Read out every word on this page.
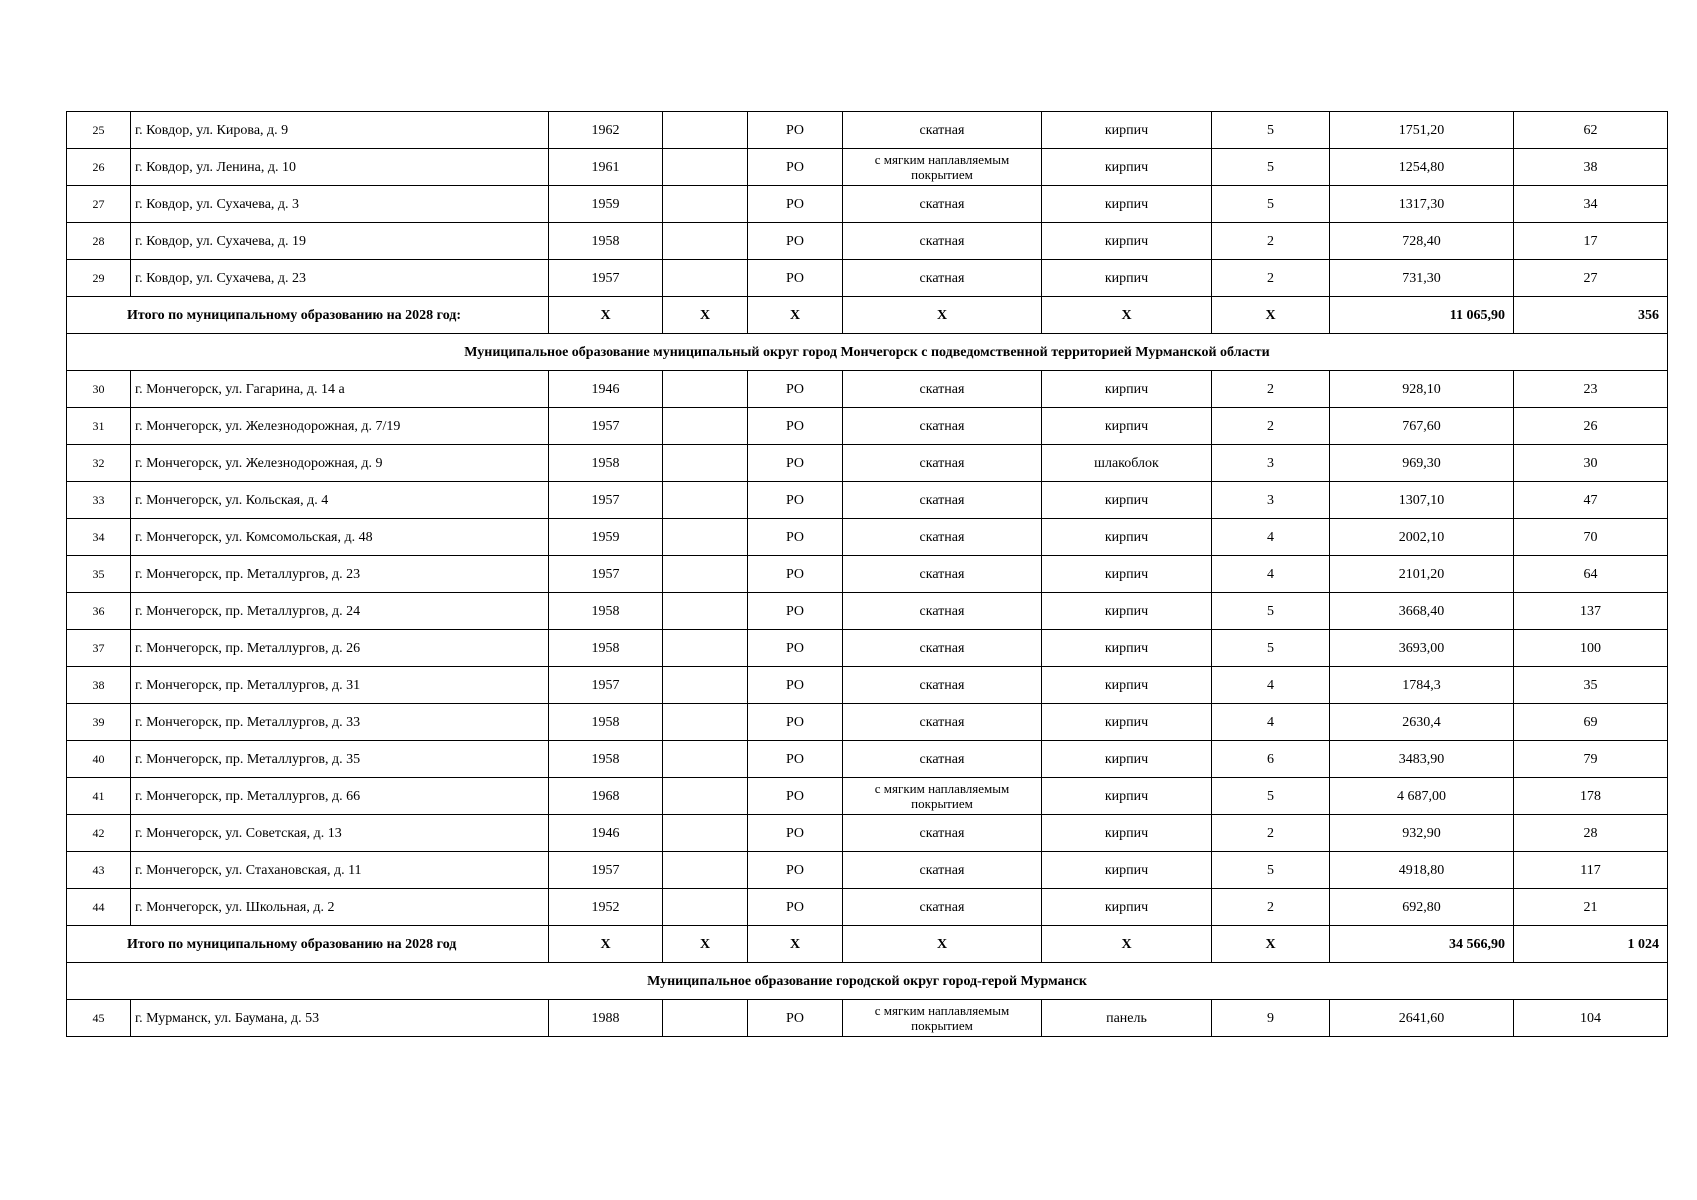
25	г. Ковдор, ул. Кирова, д. 9	1962		РО	скатная	кирпич	5	1751,20	62
26	г. Ковдор, ул. Ленина, д. 10	1961		РО	с мягким наплавляемым покрытием	кирпич	5	1254,80	38
27	г. Ковдор, ул. Сухачева, д. 3	1959		РО	скатная	кирпич	5	1317,30	34
28	г. Ковдор, ул. Сухачева, д. 19	1958		РО	скатная	кирпич	2	728,40	17
29	г. Ковдор, ул. Сухачева, д. 23	1957		РО	скатная	кирпич	2	731,30	27
Итого по муниципальному образованию на 2028 год:		X	X	X	X	X	X	11 065,90	356
Муниципальное образование муниципальный округ город Мончегорск с подведомственной территорией Мурманской области									
30	г. Мончегорск, ул. Гагарина, д. 14 а	1946		РО	скатная	кирпич	2	928,10	23
31	г. Мончегорск, ул. Железнодорожная, д. 7/19	1957		РО	скатная	кирпич	2	767,60	26
32	г. Мончегорск, ул. Железнодорожная, д. 9	1958		РО	скатная	шлакоблок	3	969,30	30
33	г. Мончегорск, ул. Кольская, д. 4	1957		РО	скатная	кирпич	3	1307,10	47
34	г. Мончегорск, ул. Комсомольская, д. 48	1959		РО	скатная	кирпич	4	2002,10	70
35	г. Мончегорск, пр. Металлургов, д. 23	1957		РО	скатная	кирпич	4	2101,20	64
36	г. Мончегорск, пр. Металлургов, д. 24	1958		РО	скатная	кирпич	5	3668,40	137
37	г. Мончегорск, пр. Металлургов, д. 26	1958		РО	скатная	кирпич	5	3693,00	100
38	г. Мончегорск, пр. Металлургов, д. 31	1957		РО	скатная	кирпич	4	1784,3	35
39	г. Мончегорск, пр. Металлургов, д. 33	1958		РО	скатная	кирпич	4	2630,4	69
40	г. Мончегорск, пр. Металлургов, д. 35	1958		РО	скатная	кирпич	6	3483,90	79
41	г. Мончегорск, пр. Металлургов, д. 66	1968		РО	с мягким наплавляемым покрытием	кирпич	5	4 687,00	178
42	г. Мончегорск, ул. Советская, д. 13	1946		РО	скатная	кирпич	2	932,90	28
43	г. Мончегорск, ул. Стахановская, д. 11	1957		РО	скатная	кирпич	5	4918,80	117
44	г. Мончегорск, ул. Школьная, д. 2	1952		РО	скатная	кирпич	2	692,80	21
Итого по муниципальному образованию на 2028 год		X	X	X	X	X	X	34 566,90	1 024
Муниципальное образование городской округ город-герой Мурманск									
45	г. Мурманск, ул. Баумана, д. 53	1988		РО	с мягким наплавляемым покрытием	панель	9	2641,60	104
